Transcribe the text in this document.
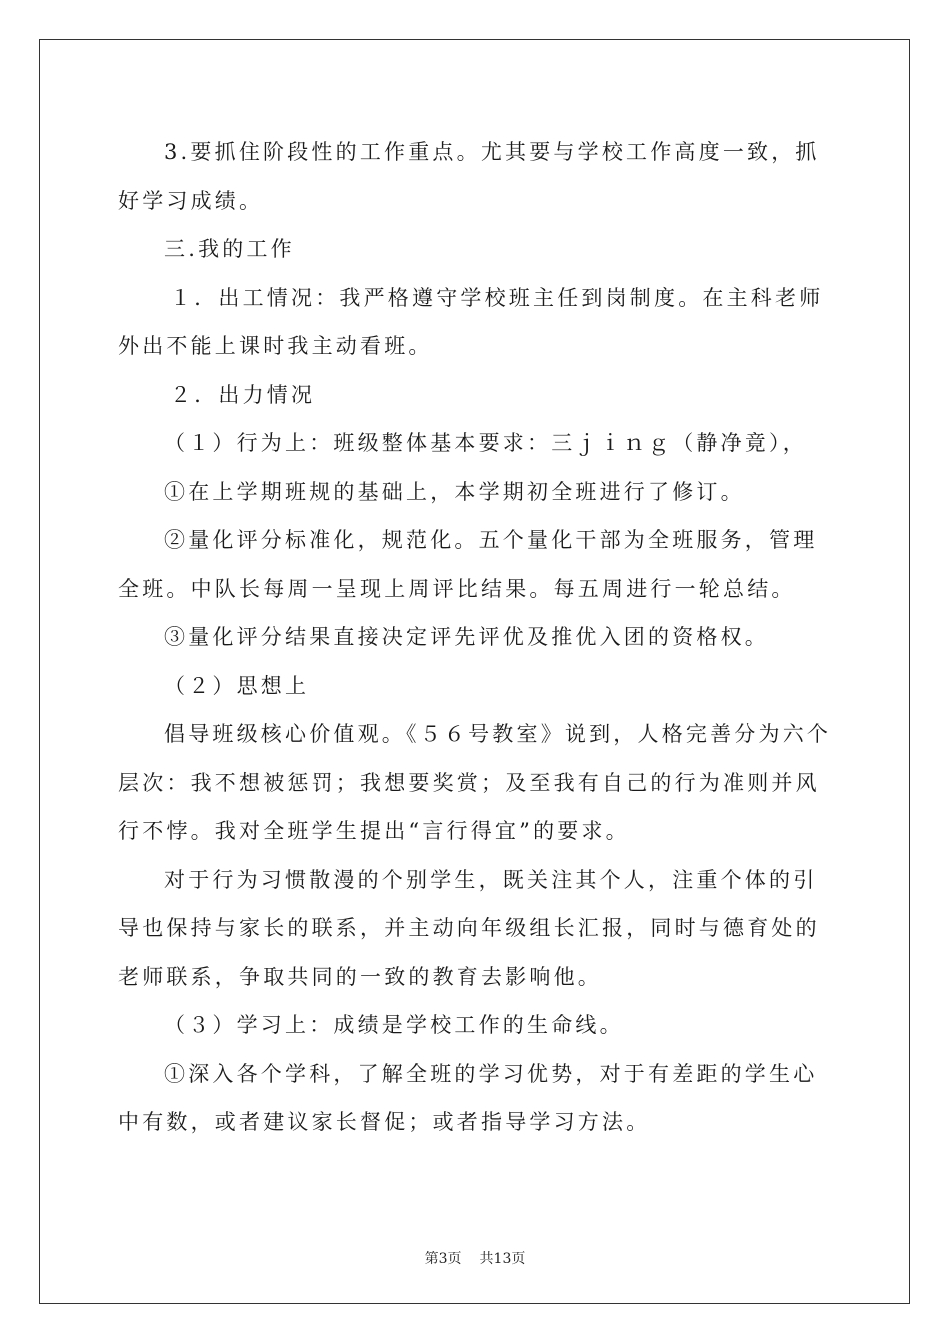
3.要抓住阶段性的工作重点。尤其要与学校工作高度一致，抓好学习成绩。

三.我的工作

１．出工情况：我严格遵守学校班主任到岗制度。在主科老师外出不能上课时我主动看班。

２．出力情况

（１）行为上：班级整体基本要求：三ｊｉｎｇ（静净竟），

①在上学期班规的基础上，本学期初全班进行了修订。

②量化评分标准化，规范化。五个量化干部为全班服务，管理全班。中队长每周一呈现上周评比结果。每五周进行一轮总结。

③量化评分结果直接决定评先评优及推优入团的资格权。

（２）思想上

倡导班级核心价值观。《５６号教室》说到，人格完善分为六个层次：我不想被惩罚；我想要奖赏；及至我有自己的行为准则并风行不悖。我对全班学生提出“言行得宜”的要求。

对于行为习惯散漫的个别学生，既关注其个人，注重个体的引导也保持与家长的联系，并主动向年级组长汇报，同时与德育处的老师联系，争取共同的一致的教育去影响他。

（３）学习上：成绩是学校工作的生命线。

①深入各个学科，了解全班的学习优势，对于有差距的学生心中有数，或者建议家长督促；或者指导学习方法。

第3页 共13页
